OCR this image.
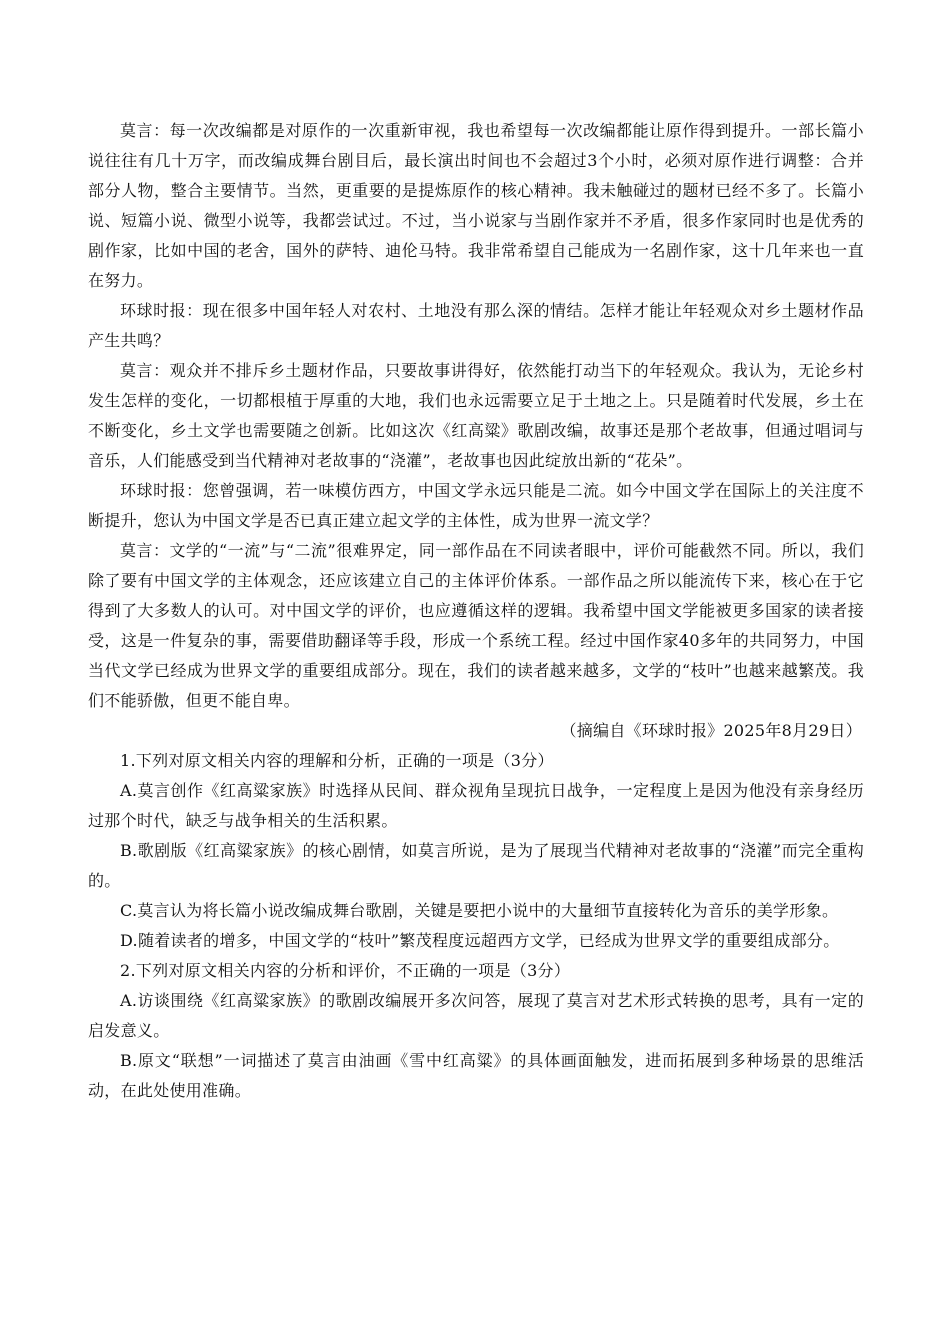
莫言：每一次改编都是对原作的一次重新审视，我也希望每一次改编都能让原作得到提升。一部长篇小说往往有几十万字，而改编成舞台剧目后，最长演出时间也不会超过3个小时，必须对原作进行调整：合并部分人物，整合主要情节。当然，更重要的是提炼原作的核心精神。我未触碰过的题材已经不多了。长篇小说、短篇小说、微型小说等，我都尝试过。不过，当小说家与当剧作家并不矛盾，很多作家同时也是优秀的剧作家，比如中国的老舍，国外的萨特、迪伦马特。我非常希望自己能成为一名剧作家，这十几年来也一直在努力。

环球时报：现在很多中国年轻人对农村、土地没有那么深的情结。怎样才能让年轻观众对乡土题材作品产生共鸣？

莫言：观众并不排斥乡土题材作品，只要故事讲得好，依然能打动当下的年轻观众。我认为，无论乡村发生怎样的变化，一切都根植于厚重的大地，我们也永远需要立足于土地之上。只是随着时代发展，乡土在不断变化，乡土文学也需要随之创新。比如这次《红高粱》歌剧改编，故事还是那个老故事，但通过唱词与音乐，人们能感受到当代精神对老故事的“浇灌”，老故事也因此绽放出新的“花朵”。

环球时报：您曾强调，若一味模仿西方，中国文学永远只能是二流。如今中国文学在国际上的关注度不断提升，您认为中国文学是否已真正建立起文学的主体性，成为世界一流文学？

莫言：文学的“一流”与“二流”很难界定，同一部作品在不同读者眼中，评价可能截然不同。所以，我们除了要有中国文学的主体观念，还应该建立自己的主体评价体系。一部作品之所以能流传下来，核心在于它得到了大多数人的认可。对中国文学的评价，也应遵循这样的逻辑。我希望中国文学能被更多国家的读者接受，这是一件复杂的事，需要借助翻译等手段，形成一个系统工程。经过中国作家40多年的共同努力，中国当代文学已经成为世界文学的重要组成部分。现在，我们的读者越来越多，文学的“枝叶”也越来越繁茂。我们不能骄傲，但更不能自卑。

（摘编自《环球时报》2025年8月29日）

1.下列对原文相关内容的理解和分析，正确的一项是（3分）

A.莫言创作《红高粱家族》时选择从民间、群众视角呈现抗日战争，一定程度上是因为他没有亲身经历过那个时代，缺乏与战争相关的生活积累。

B.歌剧版《红高粱家族》的核心剧情，如莫言所说，是为了展现当代精神对老故事的“浇灌”而完全重构的。

C.莫言认为将长篇小说改编成舞台歌剧，关键是要把小说中的大量细节直接转化为音乐的美学形象。

D.随着读者的增多，中国文学的“枝叶”繁茂程度远超西方文学，已经成为世界文学的重要组成部分。

2.下列对原文相关内容的分析和评价，不正确的一项是（3分）

A.访谈围绕《红高粱家族》的歌剧改编展开多次问答，展现了莫言对艺术形式转换的思考，具有一定的启发意义。

B.原文“联想”一词描述了莫言由油画《雪中红高粱》的具体画面触发，进而拓展到多种场景的思维活动，在此处使用准确。
